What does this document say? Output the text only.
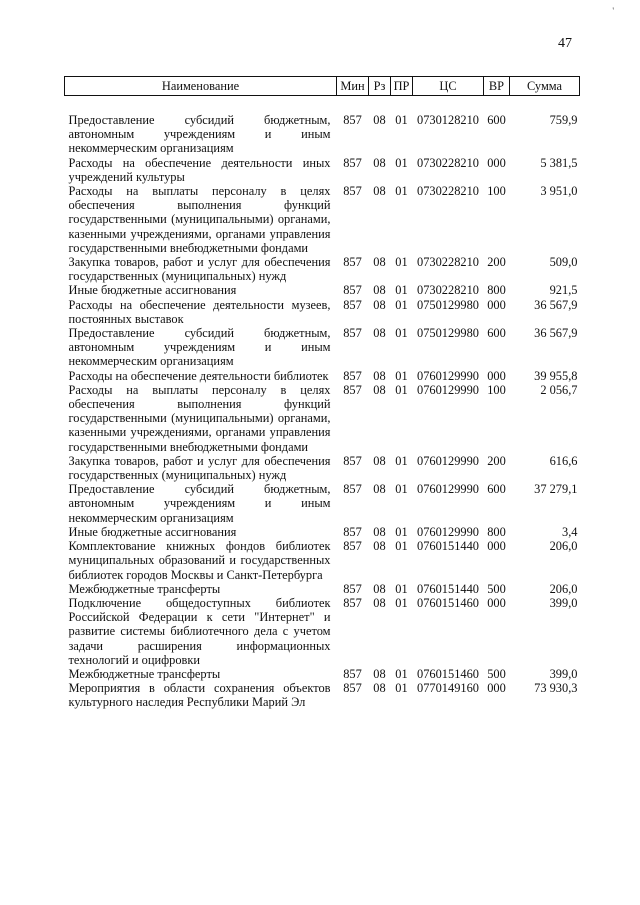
'
47
Наименование	Мин	Рз	ПР	ЦС	ВР	Сумма

Предоставление субсидий бюджетным, автономным учреждениям и иным некоммерческим организациям	857	08	01	0730128210	600	759,9
Расходы на обеспечение деятельности иных учреждений культуры	857	08	01	0730228210	000	5 381,5
Расходы на выплаты персоналу в целях обеспечения выполнения функций государственными (муниципальными) органами, казенными учреждениями, органами управления государственными внебюджетными фондами	857	08	01	0730228210	100	3 951,0
Закупка товаров, работ и услуг для обеспечения государственных (муниципальных) нужд	857	08	01	0730228210	200	509,0
Иные бюджетные ассигнования	857	08	01	0730228210	800	921,5
Расходы на обеспечение деятельности музеев, постоянных выставок	857	08	01	0750129980	000	36 567,9
Предоставление субсидий бюджетным, автономным учреждениям и иным некоммерческим организациям	857	08	01	0750129980	600	36 567,9
Расходы на обеспечение деятельности библиотек	857	08	01	0760129990	000	39 955,8
Расходы на выплаты персоналу в целях обеспечения выполнения функций государственными (муниципальными) органами, казенными учреждениями, органами управления государственными внебюджетными фондами	857	08	01	0760129990	100	2 056,7
Закупка товаров, работ и услуг для обеспечения государственных (муниципальных) нужд	857	08	01	0760129990	200	616,6
Предоставление субсидий бюджетным, автономным учреждениям и иным некоммерческим организациям	857	08	01	0760129990	600	37 279,1
Иные бюджетные ассигнования	857	08	01	0760129990	800	3,4
Комплектование книжных фондов библиотек муниципальных образований и государственных библиотек городов Москвы и Санкт-Петербурга	857	08	01	0760151440	000	206,0
Межбюджетные трансферты	857	08	01	0760151440	500	206,0
Подключение общедоступных библиотек Российской Федерации к сети "Интернет" и развитие системы библиотечного дела с учетом задачи расширения информационных технологий и оцифровки	857	08	01	0760151460	000	399,0
Межбюджетные трансферты	857	08	01	0760151460	500	399,0
Мероприятия в области сохранения объектов культурного наследия Республики Марий Эл	857	08	01	0770149160	000	73 930,3
